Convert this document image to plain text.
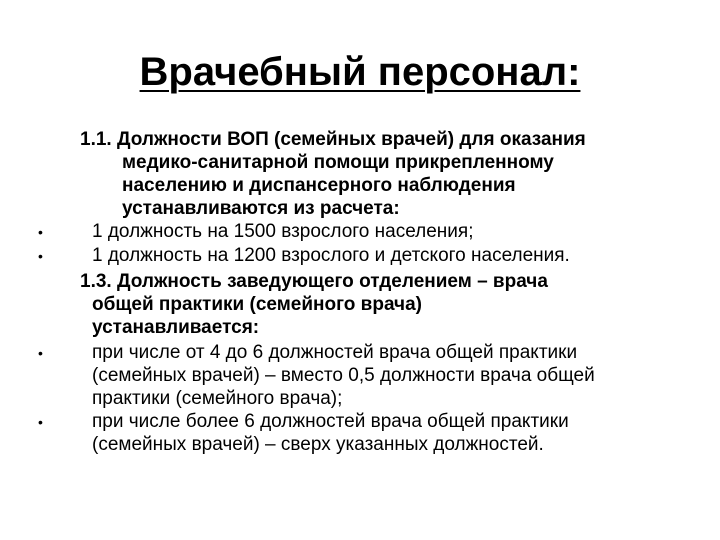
Врачебный персонал:
1.1. Должности ВОП (семейных врачей) для оказания
медико-санитарной помощи прикрепленному
населению и диспансерного наблюдения
устанавливаются из расчета:
•	1 должность на 1500 взрослого населения;
•	1 должность на 1200 взрослого и детского населения.
1.3. Должность заведующего отделением – врача
общей практики (семейного врача)
устанавливается:
•	при числе от 4 до 6 должностей врача общей практики
(семейных врачей) – вместо 0,5 должности врача общей
практики (семейного врача);
•	при числе более 6 должностей врача общей практики
(семейных врачей) – сверх указанных должностей.
